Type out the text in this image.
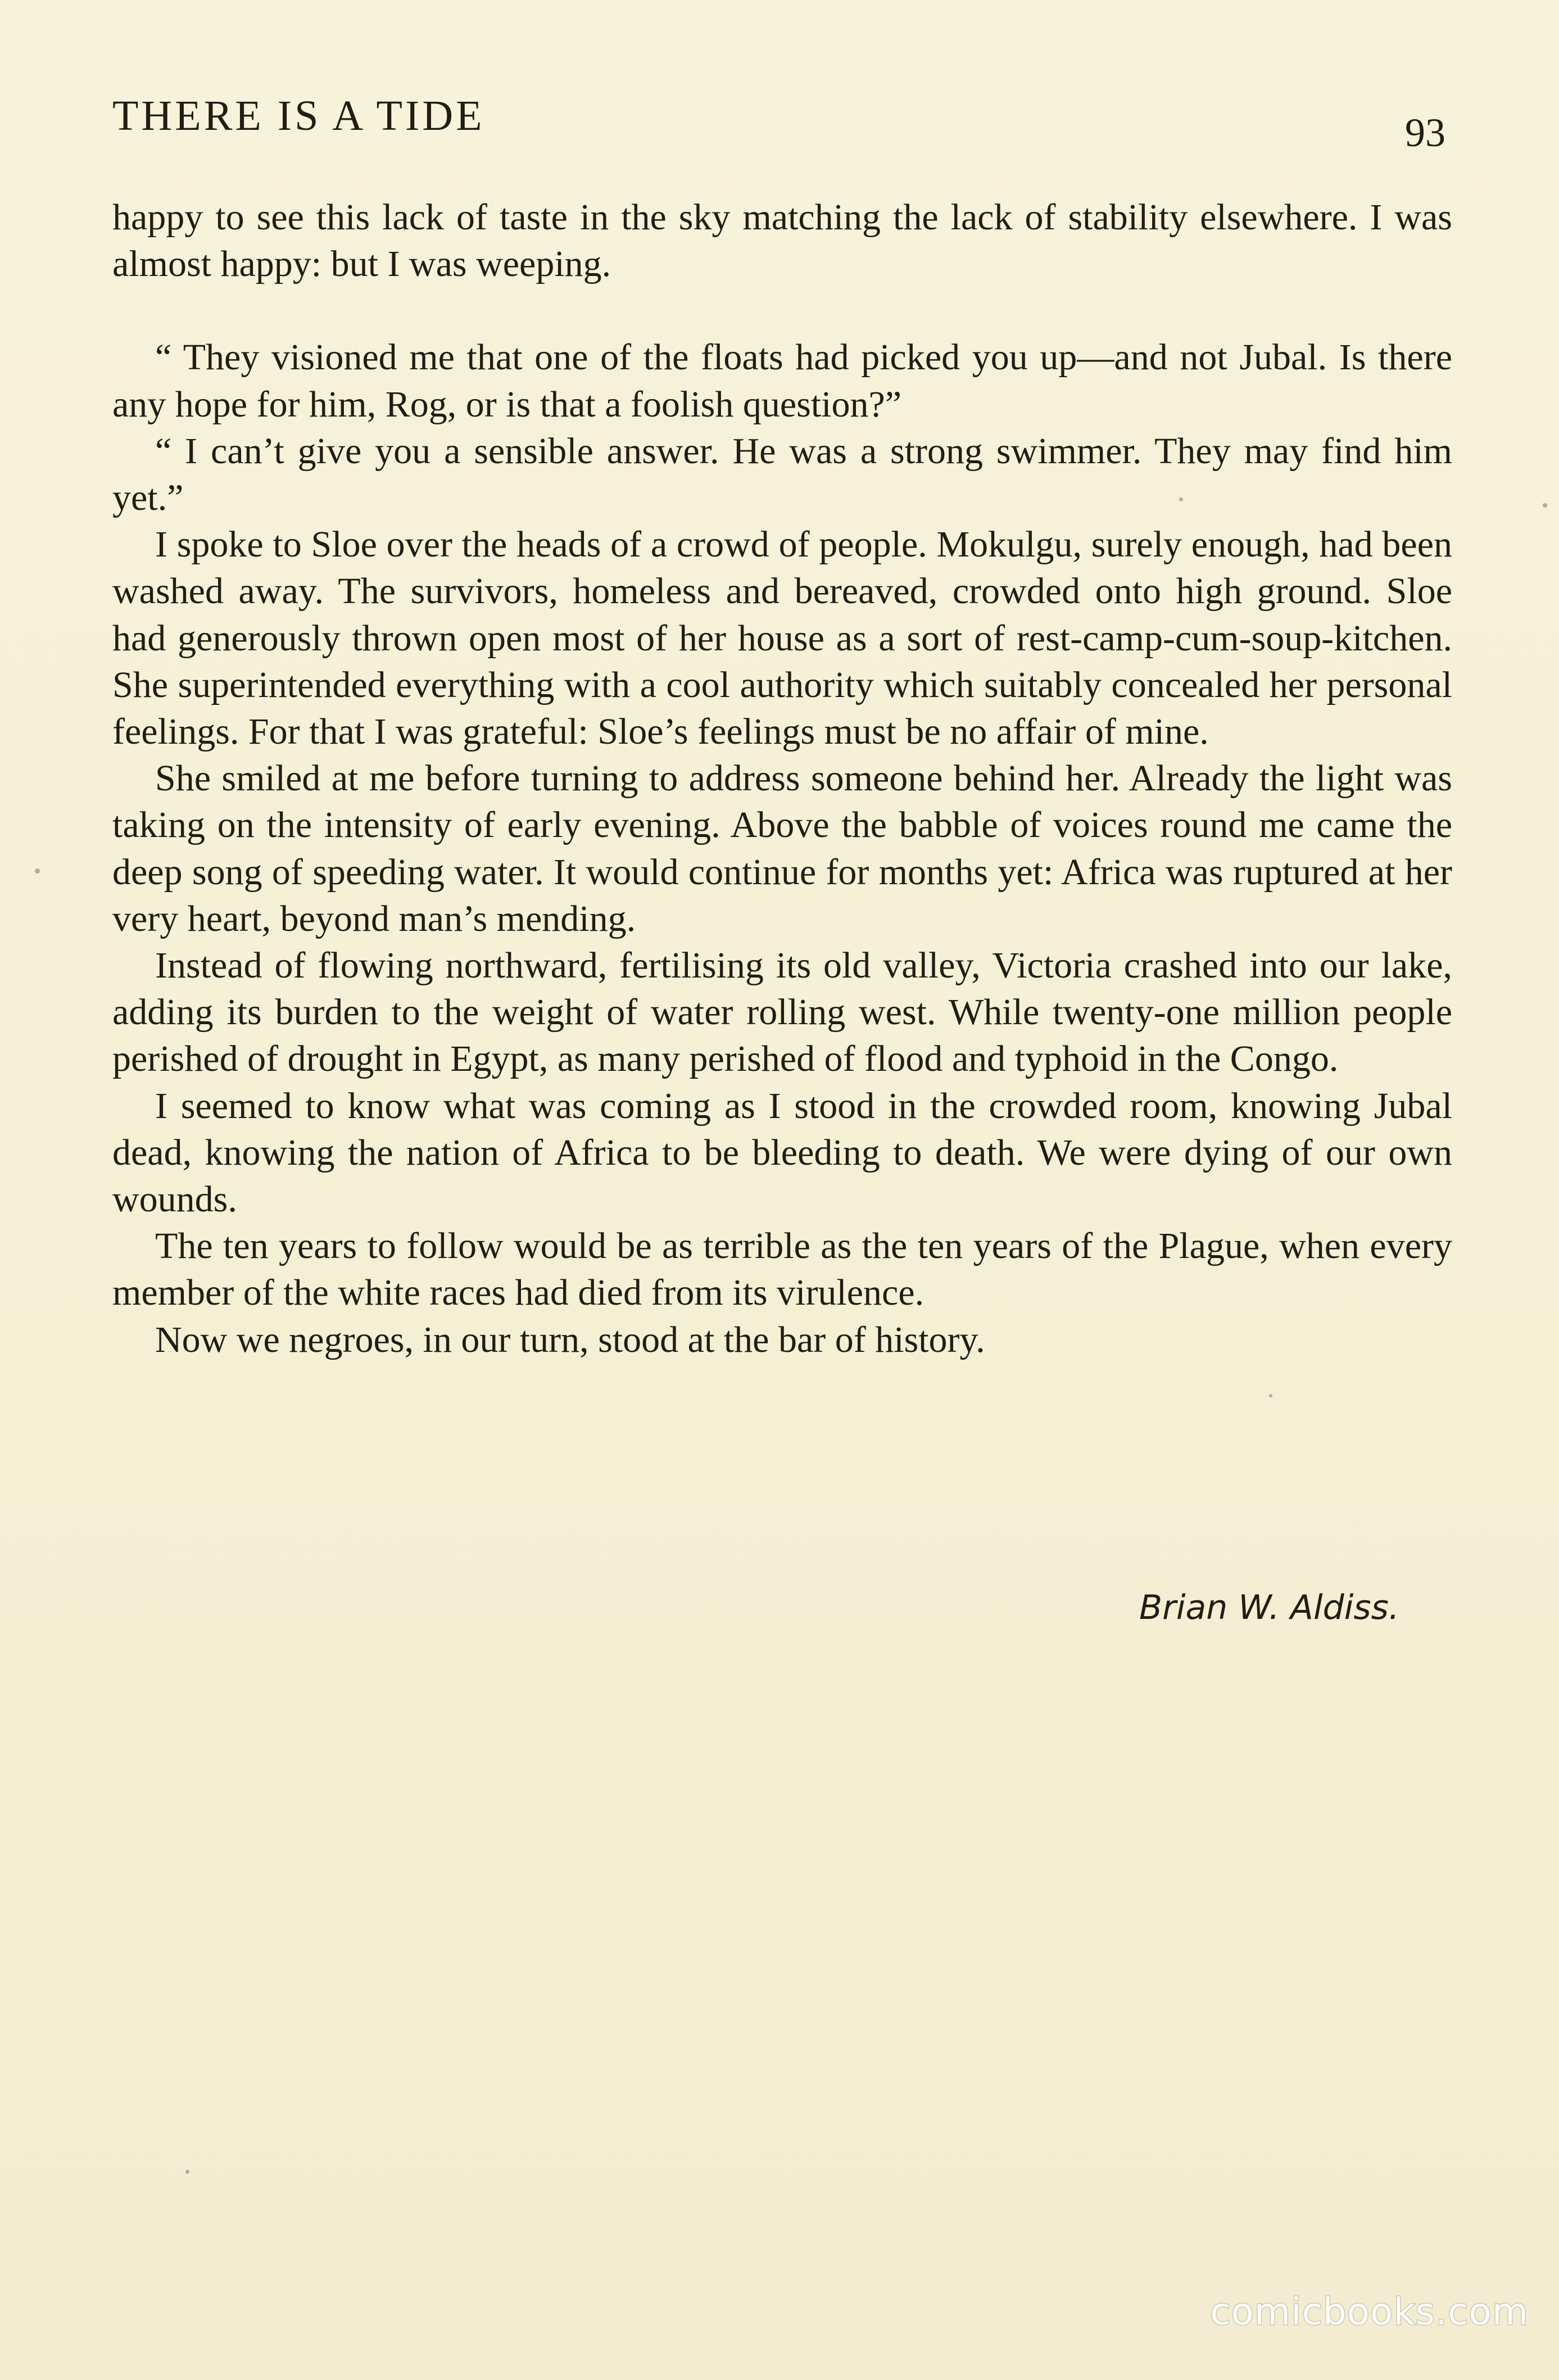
THERE IS A TIDE	93

happy to see this lack of taste in the sky matching the lack of stability elsewhere. I was almost happy: but I was weeping.

“ They visioned me that one of the floats had picked you up—and not Jubal. Is there any hope for him, Rog, or is that a foolish question?”

“ I can’t give you a sensible answer. He was a strong swimmer. They may find him yet.”

I spoke to Sloe over the heads of a crowd of people. Mokulgu, surely enough, had been washed away. The survivors, homeless and bereaved, crowded onto high ground. Sloe had generously thrown open most of her house as a sort of rest-camp-cum-soup-kitchen. She superintended everything with a cool authority which suitably concealed her personal feelings. For that I was grateful: Sloe’s feelings must be no affair of mine.

She smiled at me before turning to address someone behind her. Already the light was taking on the intensity of early evening. Above the babble of voices round me came the deep song of speeding water. It would continue for months yet: Africa was ruptured at her very heart, beyond man’s mending.

Instead of flowing northward, fertilising its old valley, Victoria crashed into our lake, adding its burden to the weight of water rolling west. While twenty-one million people perished of drought in Egypt, as many perished of flood and typhoid in the Congo.

I seemed to know what was coming as I stood in the crowded room, knowing Jubal dead, knowing the nation of Africa to be bleeding to death. We were dying of our own wounds.

The ten years to follow would be as terrible as the ten years of the Plague, when every member of the white races had died from its virulence.

Now we negroes, in our turn, stood at the bar of history.

Brian W. Aldiss.
comicbooks.com
